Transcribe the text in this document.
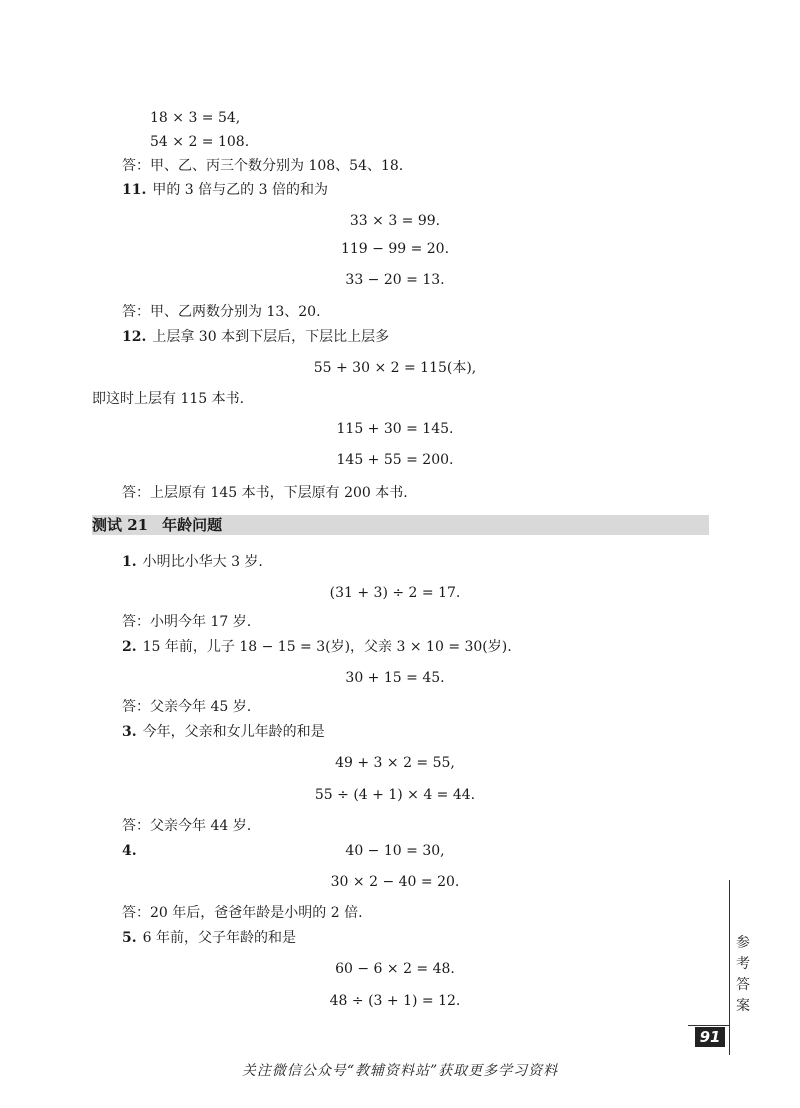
18 × 3 = 54,
54 × 2 = 108.
答：甲、乙、丙三个数分别为 108、54、18.
11. 甲的 3 倍与乙的 3 倍的和为
33 × 3 = 99.
119 − 99 = 20.
33 − 20 = 13.
答：甲、乙两数分别为 13、20.
12. 上层拿 30 本到下层后，下层比上层多
55 + 30 × 2 = 115(本),
即这时上层有 115 本书.
115 + 30 = 145.
145 + 55 = 200.
答：上层原有 145 本书，下层原有 200 本书.
测试 21 年龄问题
1. 小明比小华大 3 岁.
(31 + 3) ÷ 2 = 17.
答：小明今年 17 岁.
2. 15 年前，儿子 18 − 15 = 3(岁)，父亲 3 × 10 = 30(岁).
30 + 15 = 45.
答：父亲今年 45 岁.
3. 今年，父亲和女儿年龄的和是
49 + 3 × 2 = 55,
55 ÷ (4 + 1) × 4 = 44.
答：父亲今年 44 岁.
4.	40 − 10 = 30,
30 × 2 − 40 = 20.
答：20 年后，爸爸年龄是小明的 2 倍.
5. 6 年前，父子年龄的和是
60 − 6 × 2 = 48.
48 ÷ (3 + 1) = 12.
参考答案
91
关注微信公众号“教辅资料站”获取更多学习资料
